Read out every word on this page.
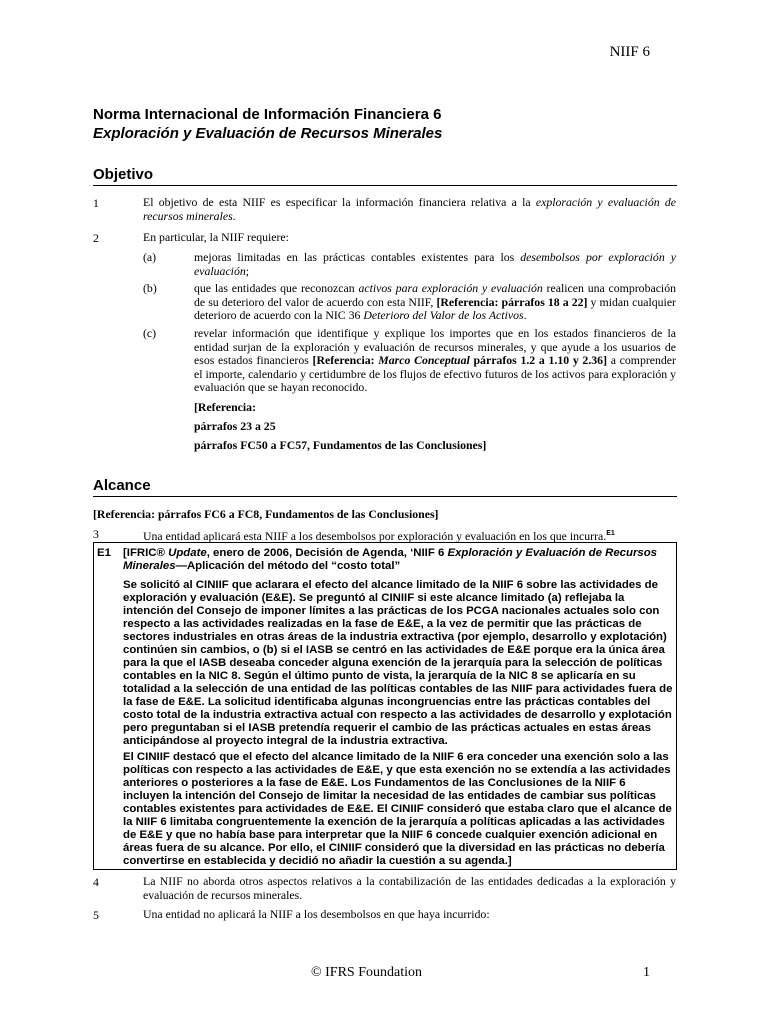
NIIF 6
Norma Internacional de Información Financiera 6
Exploración y Evaluación de Recursos Minerales
Objetivo
1	El objetivo de esta NIIF es especificar la información financiera relativa a la exploración y evaluación de recursos minerales.
2	En particular, la NIIF requiere:
(a)	mejoras limitadas en las prácticas contables existentes para los desembolsos por exploración y evaluación;
(b)	que las entidades que reconozcan activos para exploración y evaluación realicen una comprobación de su deterioro del valor de acuerdo con esta NIIF, [Referencia: párrafos 18 a 22] y midan cualquier deterioro de acuerdo con la NIC 36 Deterioro del Valor de los Activos.
(c)	revelar información que identifique y explique los importes que en los estados financieros de la entidad surjan de la exploración y evaluación de recursos minerales, y que ayude a los usuarios de esos estados financieros [Referencia: Marco Conceptual párrafos 1.2 a 1.10 y 2.36] a comprender el importe, calendario y certidumbre de los flujos de efectivo futuros de los activos para exploración y evaluación que se hayan reconocido.
[Referencia:
párrafos 23 a 25
párrafos FC50 a FC57, Fundamentos de las Conclusiones]
Alcance
[Referencia: párrafos FC6 a FC8, Fundamentos de las Conclusiones]
3	Una entidad aplicará esta NIIF a los desembolsos por exploración y evaluación en los que incurra.$^{E1}$
E1 [IFRIC® Update, enero de 2006, Decisión de Agenda, ‘NIIF 6 Exploración y Evaluación de Recursos Minerales—Aplicación del método del “costo total”
Se solicitó al CINIIF que aclarara el efecto del alcance limitado de la NIIF 6 sobre las actividades de exploración y evaluación (E&E). Se preguntó al CINIIF si este alcance limitado (a) reflejaba la intención del Consejo de imponer límites a las prácticas de los PCGA nacionales actuales solo con respecto a las actividades realizadas en la fase de E&E, a la vez de permitir que las prácticas de sectores industriales en otras áreas de la industria extractiva (por ejemplo, desarrollo y explotación) continúen sin cambios, o (b) si el IASB se centró en las actividades de E&E porque era la única área para la que el IASB deseaba conceder alguna exención de la jerarquía para la selección de políticas contables en la NIC 8. Según el último punto de vista, la jerarquía de la NIC 8 se aplicaría en su totalidad a la selección de una entidad de las políticas contables de las NIIF para actividades fuera de la fase de E&E. La solicitud identificaba algunas incongruencias entre las prácticas contables del costo total de la industria extractiva actual con respecto a las actividades de desarrollo y explotación pero preguntaban si el IASB pretendía requerir el cambio de las prácticas actuales en estas áreas anticipándose al proyecto integral de la industria extractiva.
El CINIIF destacó que el efecto del alcance limitado de la NIIF 6 era conceder una exención solo a las políticas con respecto a las actividades de E&E, y que esta exención no se extendía a las actividades anteriores o posteriores a la fase de E&E. Los Fundamentos de las Conclusiones de la NIIF 6 incluyen la intención del Consejo de limitar la necesidad de las entidades de cambiar sus políticas contables existentes para actividades de E&E. El CINIIF consideró que estaba claro que el alcance de la NIIF 6 limitaba congruentemente la exención de la jerarquía a políticas aplicadas a las actividades de E&E y que no había base para interpretar que la NIIF 6 concede cualquier exención adicional en áreas fuera de su alcance. Por ello, el CINIIF consideró que la diversidad en las prácticas no debería convertirse en establecida y decidió no añadir la cuestión a su agenda.]
4	La NIIF no aborda otros aspectos relativos a la contabilización de las entidades dedicadas a la exploración y evaluación de recursos minerales.
5	Una entidad no aplicará la NIIF a los desembolsos en que haya incurrido:
© IFRS Foundation	1
